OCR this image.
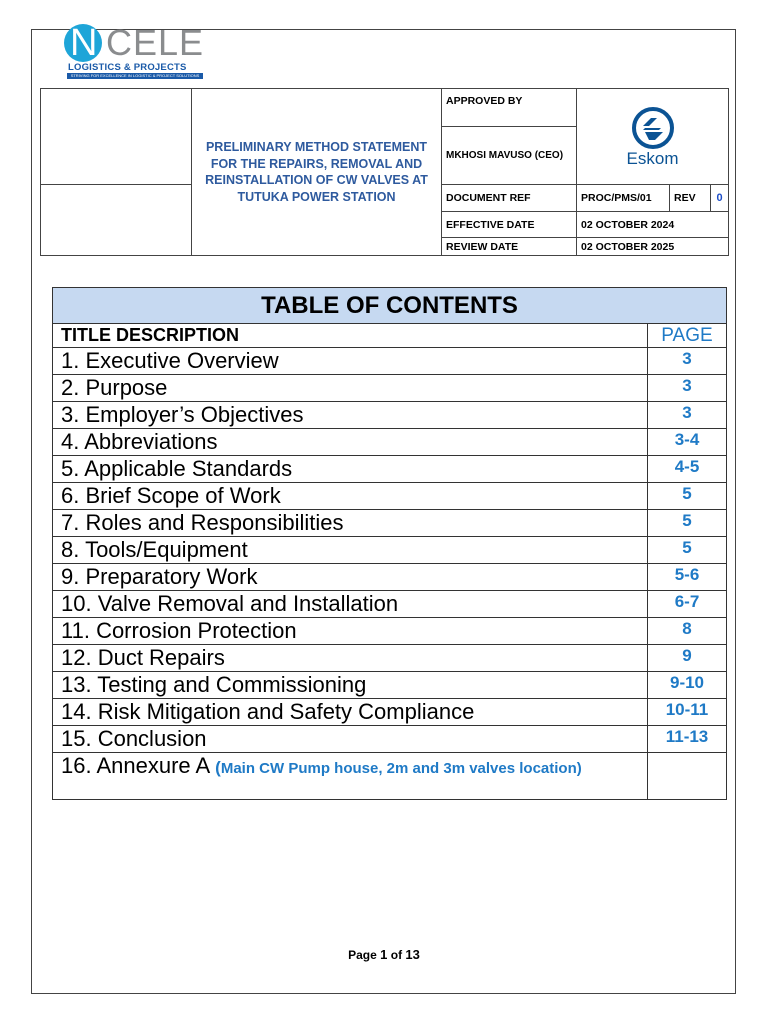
N CELE
LOGISTICS & PROJECTS
STRIVING FOR EXCELLENCE IN LOGISTIC & PROJECT SOLUTIONS
	PRELIMINARY METHOD STATEMENT FOR THE REPAIRS, REMOVAL AND REINSTALLATION OF CW VALVES AT TUTUKA POWER STATION	APPROVED BY	Eskom		

		MKHOSI MAVUSO (CEO)			
		DOCUMENT REF	PROC/PMS/01	REV	0
		EFFECTIVE DATE	02 OCTOBER 2024		
		REVIEW DATE	02 OCTOBER 2025		
TABLE OF CONTENTS	
TITLE DESCRIPTION	PAGE
1. Executive Overview	3
2. Purpose	3
3. Employer’s Objectives	3
4. Abbreviations	3-4
5. Applicable Standards	4-5
6. Brief Scope of Work	5
7. Roles and Responsibilities	5
8. Tools/Equipment	5
9. Preparatory Work	5-6
10. Valve Removal and Installation	6-7
11. Corrosion Protection	8
12. Duct Repairs	9
13. Testing and Commissioning	9-10
14. Risk Mitigation and Safety Compliance	10-11
15. Conclusion	11-13
16. Annexure A (Main CW Pump house, 2m and 3m valves location)	
Page 1 of 13
